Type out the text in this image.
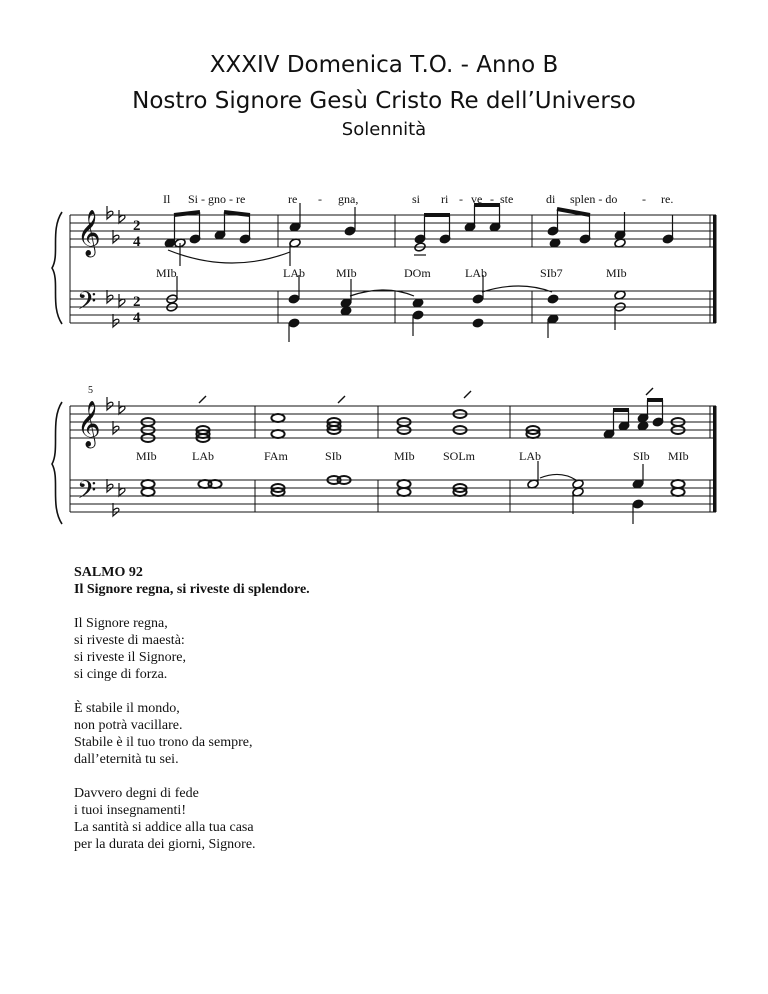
XXXIV Domenica T.O. - Anno B
Nostro Signore Gesù Cristo Re dell’Universo
Solennità
𝄞
𝄢
2
4
2
4
Il Si - gno - re	re - gna,	si ri - ve - ste	di splen - do - re.
MIb	LAb	MIb	DOm	LAb	SIb7	MIb
5
𝄞
𝄢
MIb	LAb	FAm	SIb	MIb SOLm	LAb	SIb MIb
SALMO 92
Il Signore regna, si riveste di splendore.
Il Signore regna,
si riveste di maestà:
si riveste il Signore,
si cinge di forza.
È stabile il mondo,
non potrà vacillare.
Stabile è il tuo trono da sempre,
dall’eternità tu sei.
Davvero degni di fede
i tuoi insegnamenti!
La santità si addice alla tua casa
per la durata dei giorni, Signore.
